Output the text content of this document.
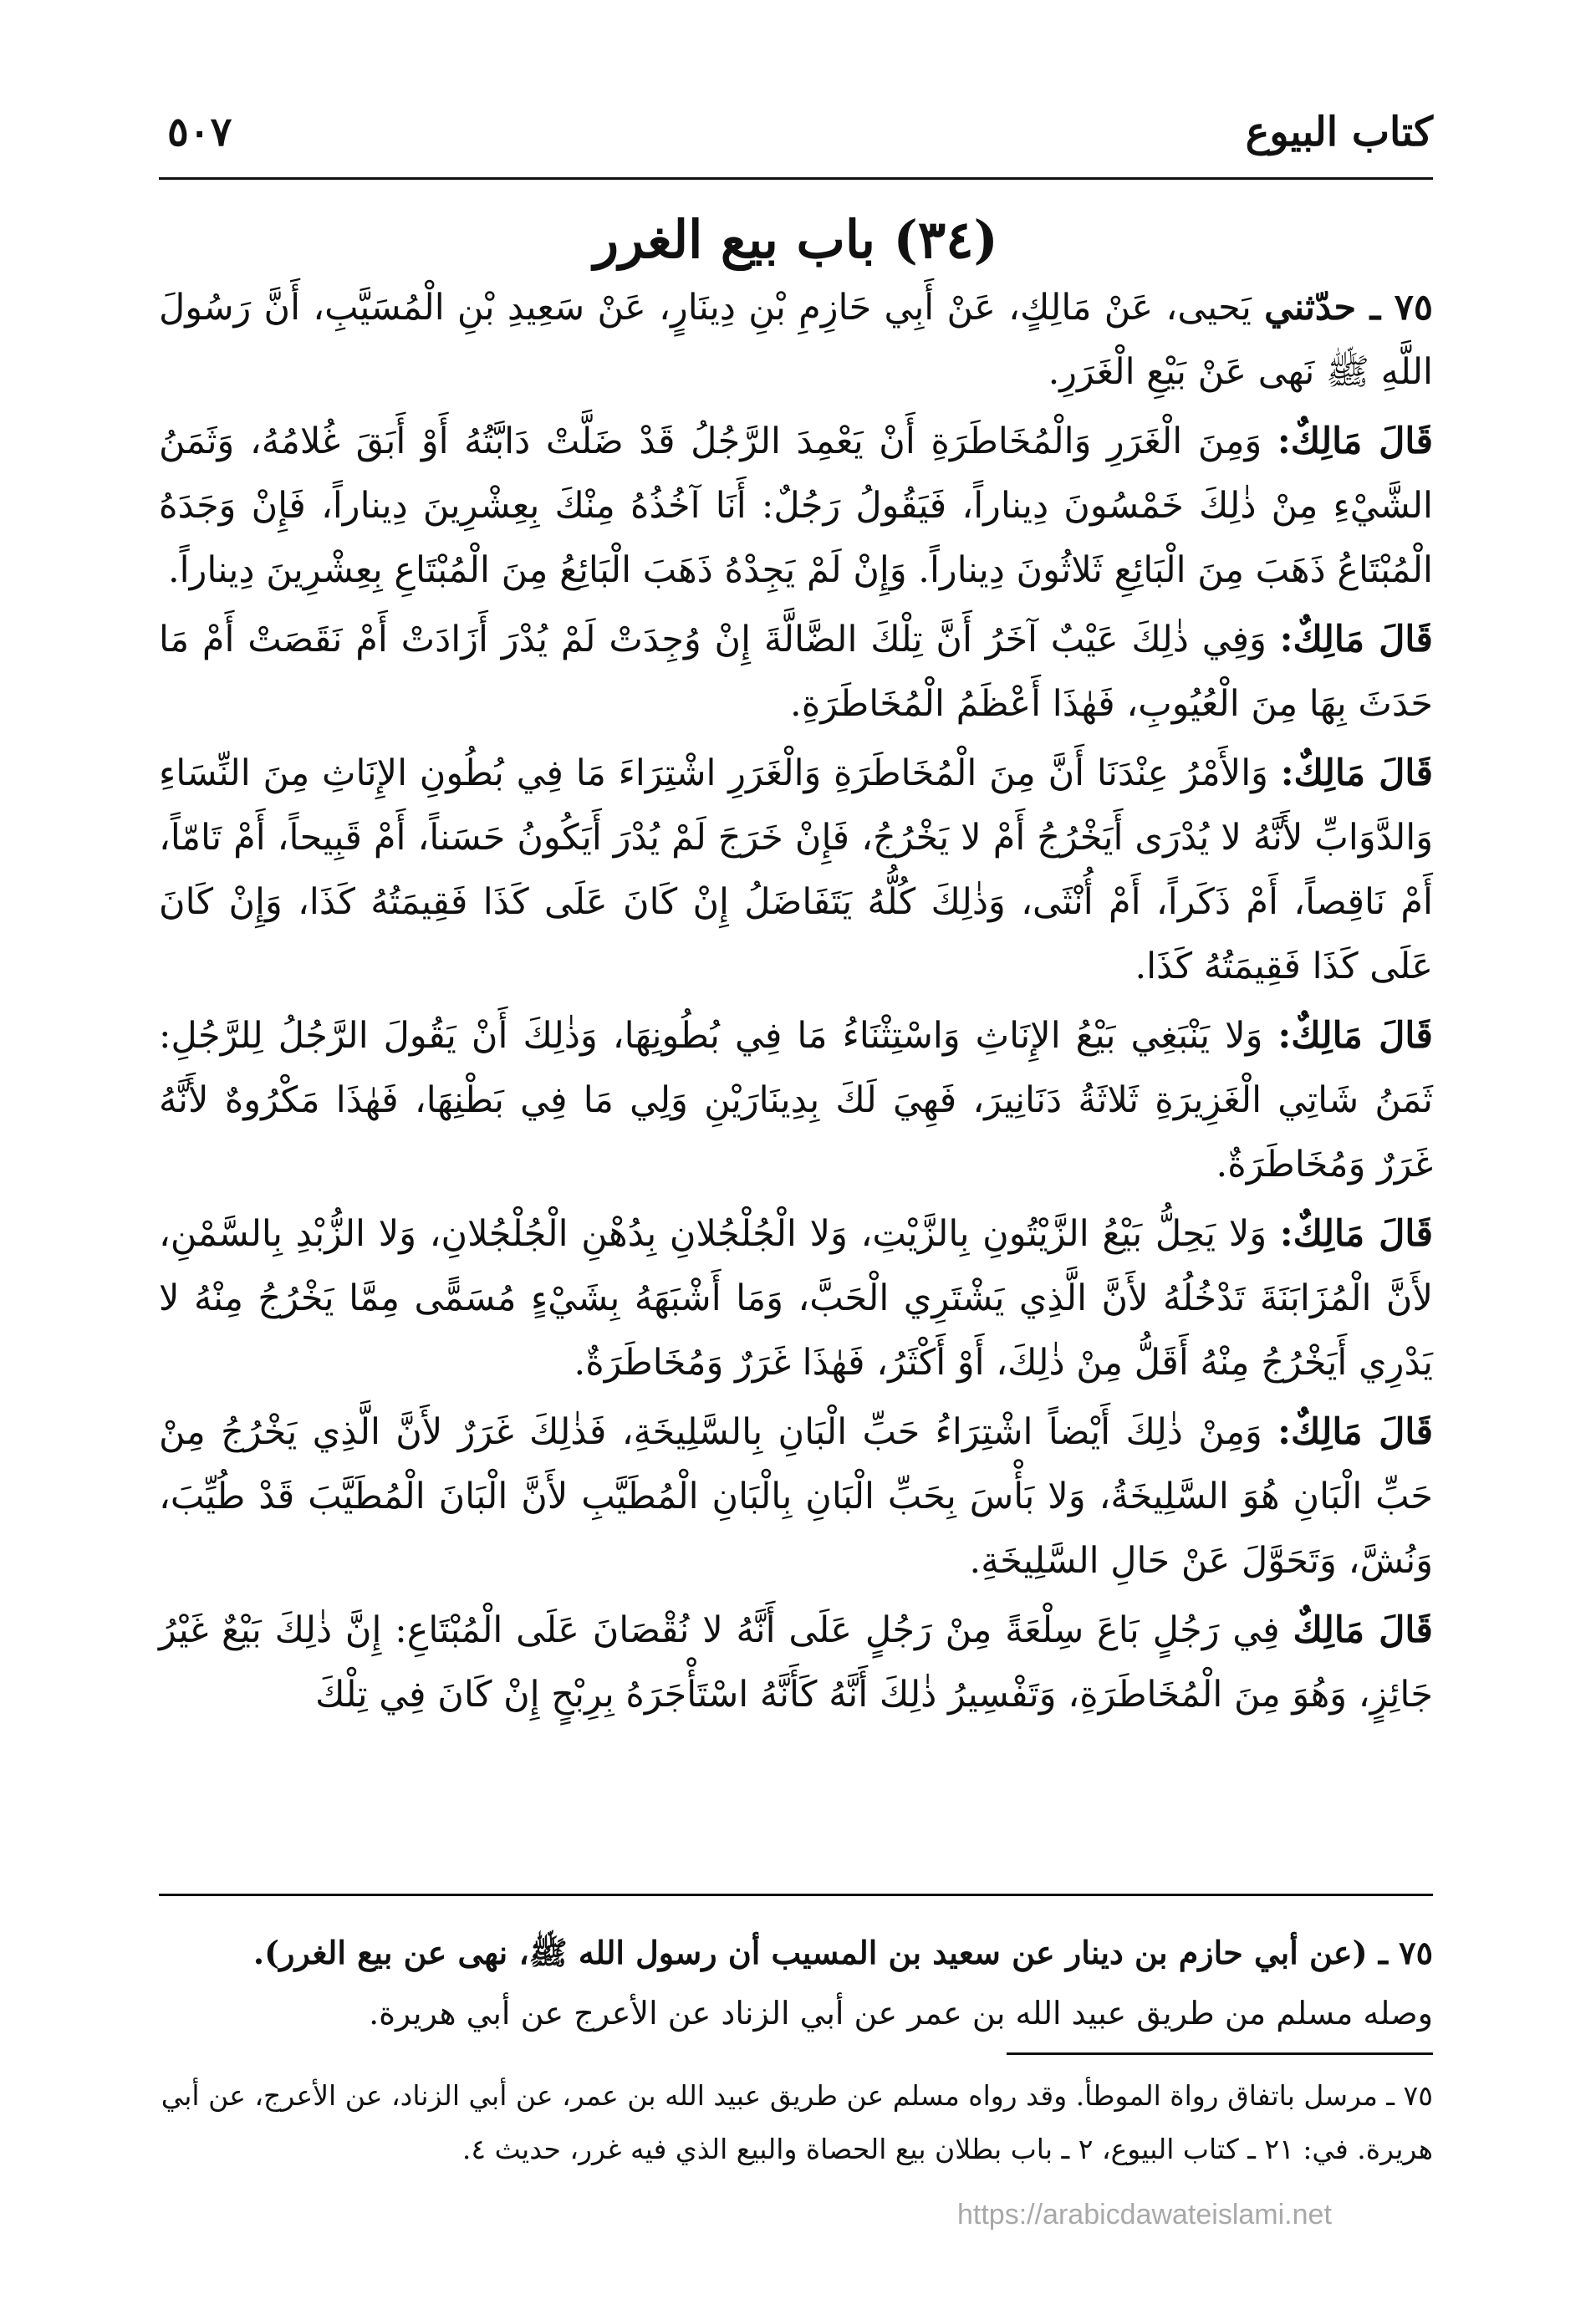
كتاب البيوع
٥٠٧
(٣٤) باب بيع الغرر

٧٥ ـ حدّثني يَحيى، عَنْ مَالِكٍ، عَنْ أَبِي حَازِمِ بْنِ دِينَارٍ، عَنْ سَعِيدِ بْنِ الْمُسَيَّبِ، أَنَّ رَسُولَ اللَّهِ ﷺ نَهى عَنْ بَيْعِ الْغَرَرِ.

قَالَ مَالِكٌ: وَمِنَ الْغَرَرِ وَالْمُخَاطَرَةِ أَنْ يَعْمِدَ الرَّجُلُ قَدْ ضَلَّتْ دَابَّتُهُ أَوْ أَبَقَ غُلامُهُ، وَثَمَنُ الشَّيْءِ مِنْ ذٰلِكَ خَمْسُونَ دِيناراً، فَيَقُولُ رَجُلٌ: أَنَا آخُذُهُ مِنْكَ بِعِشْرِينَ دِيناراً، فَإِنْ وَجَدَهُ الْمُبْتَاعُ ذَهَبَ مِنَ الْبَائِعِ ثَلاثُونَ دِيناراً. وَإِنْ لَمْ يَجِدْهُ ذَهَبَ الْبَائِعُ مِنَ الْمُبْتَاعِ بِعِشْرِينَ دِيناراً.

قَالَ مَالِكٌ: وَفِي ذٰلِكَ عَيْبٌ آخَرُ أَنَّ تِلْكَ الضَّالَّةَ إِنْ وُجِدَتْ لَمْ يُدْرَ أَزَادَتْ أَمْ نَقَصَتْ أَمْ مَا حَدَثَ بِهَا مِنَ الْعُيُوبِ، فَهٰذَا أَعْظَمُ الْمُخَاطَرَةِ.

قَالَ مَالِكٌ: وَالأَمْرُ عِنْدَنَا أَنَّ مِنَ الْمُخَاطَرَةِ وَالْغَرَرِ اشْتِرَاءَ مَا فِي بُطُونِ الإِنَاثِ مِنَ النِّسَاءِ وَالدَّوَابِّ لأَنَّهُ لا يُدْرَى أَيَخْرُجُ أَمْ لا يَخْرُجُ، فَإِنْ خَرَجَ لَمْ يُدْرَ أَيَكُونُ حَسَناً، أَمْ قَبِيحاً، أَمْ تَامّاً، أَمْ نَاقِصاً، أَمْ ذَكَراً، أَمْ أُنْثَى، وَذٰلِكَ كُلُّهُ يَتَفَاضَلُ إِنْ كَانَ عَلَى كَذَا فَقِيمَتُهُ كَذَا، وَإِنْ كَانَ عَلَى كَذَا فَقِيمَتُهُ كَذَا.

قَالَ مَالِكٌ: وَلا يَنْبَغِي بَيْعُ الإِنَاثِ وَاسْتِثْنَاءُ مَا فِي بُطُونِهَا، وَذٰلِكَ أَنْ يَقُولَ الرَّجُلُ لِلرَّجُلِ: ثَمَنُ شَاتِي الْغَزِيرَةِ ثَلاثَةُ دَنَانِيرَ، فَهِيَ لَكَ بِدِينَارَيْنِ وَلِي مَا فِي بَطْنِهَا، فَهٰذَا مَكْرُوهٌ لأَنَّهُ غَرَرٌ وَمُخَاطَرَةٌ.

قَالَ مَالِكٌ: وَلا يَحِلُّ بَيْعُ الزَّيْتُونِ بِالزَّيْتِ، وَلا الْجُلْجُلانِ بِدُهْنِ الْجُلْجُلانِ، وَلا الزُّبْدِ بِالسَّمْنِ، لأَنَّ الْمُزَابَنَةَ تَدْخُلُهُ لأَنَّ الَّذِي يَشْتَرِي الْحَبَّ، وَمَا أَشْبَهَهُ بِشَيْءٍ مُسَمًّى مِمَّا يَخْرُجُ مِنْهُ لا يَدْرِي أَيَخْرُجُ مِنْهُ أَقَلُّ مِنْ ذٰلِكَ، أَوْ أَكْثَرُ، فَهٰذَا غَرَرٌ وَمُخَاطَرَةٌ.

قَالَ مَالِكٌ: وَمِنْ ذٰلِكَ أَيْضاً اشْتِرَاءُ حَبِّ الْبَانِ بِالسَّلِيخَةِ، فَذٰلِكَ غَرَرٌ لأَنَّ الَّذِي يَخْرُجُ مِنْ حَبِّ الْبَانِ هُوَ السَّلِيخَةُ، وَلا بَأْسَ بِحَبِّ الْبَانِ بِالْبَانِ الْمُطَيَّبِ لأَنَّ الْبَانَ الْمُطَيَّبَ قَدْ طُيِّبَ، وَنُشَّ، وَتَحَوَّلَ عَنْ حَالِ السَّلِيخَةِ.

قَالَ مَالِكٌ فِي رَجُلٍ بَاعَ سِلْعَةً مِنْ رَجُلٍ عَلَى أَنَّهُ لا نُقْصَانَ عَلَى الْمُبْتَاعِ: إِنَّ ذٰلِكَ بَيْعٌ غَيْرُ جَائِزٍ، وَهُوَ مِنَ الْمُخَاطَرَةِ، وَتَفْسِيرُ ذٰلِكَ أَنَّهُ كَأَنَّهُ اسْتَأْجَرَهُ بِرِبْحٍ إِنْ كَانَ فِي تِلْكَ

٧٥ ـ (عن أبي حازم بن دينار عن سعيد بن المسيب أن رسول الله ﷺ، نهى عن بيع الغرر).
وصله مسلم من طريق عبيد الله بن عمر عن أبي الزناد عن الأعرج عن أبي هريرة.
٧٥ ـ مرسل باتفاق رواة الموطأ. وقد رواه مسلم عن طريق عبيد الله بن عمر، عن أبي الزناد، عن الأعرج، عن أبي هريرة. في: ٢١ ـ كتاب البيوع، ٢ ـ باب بطلان بيع الحصاة والبيع الذي فيه غرر، حديث ٤.
https://arabicdawateislami.net
